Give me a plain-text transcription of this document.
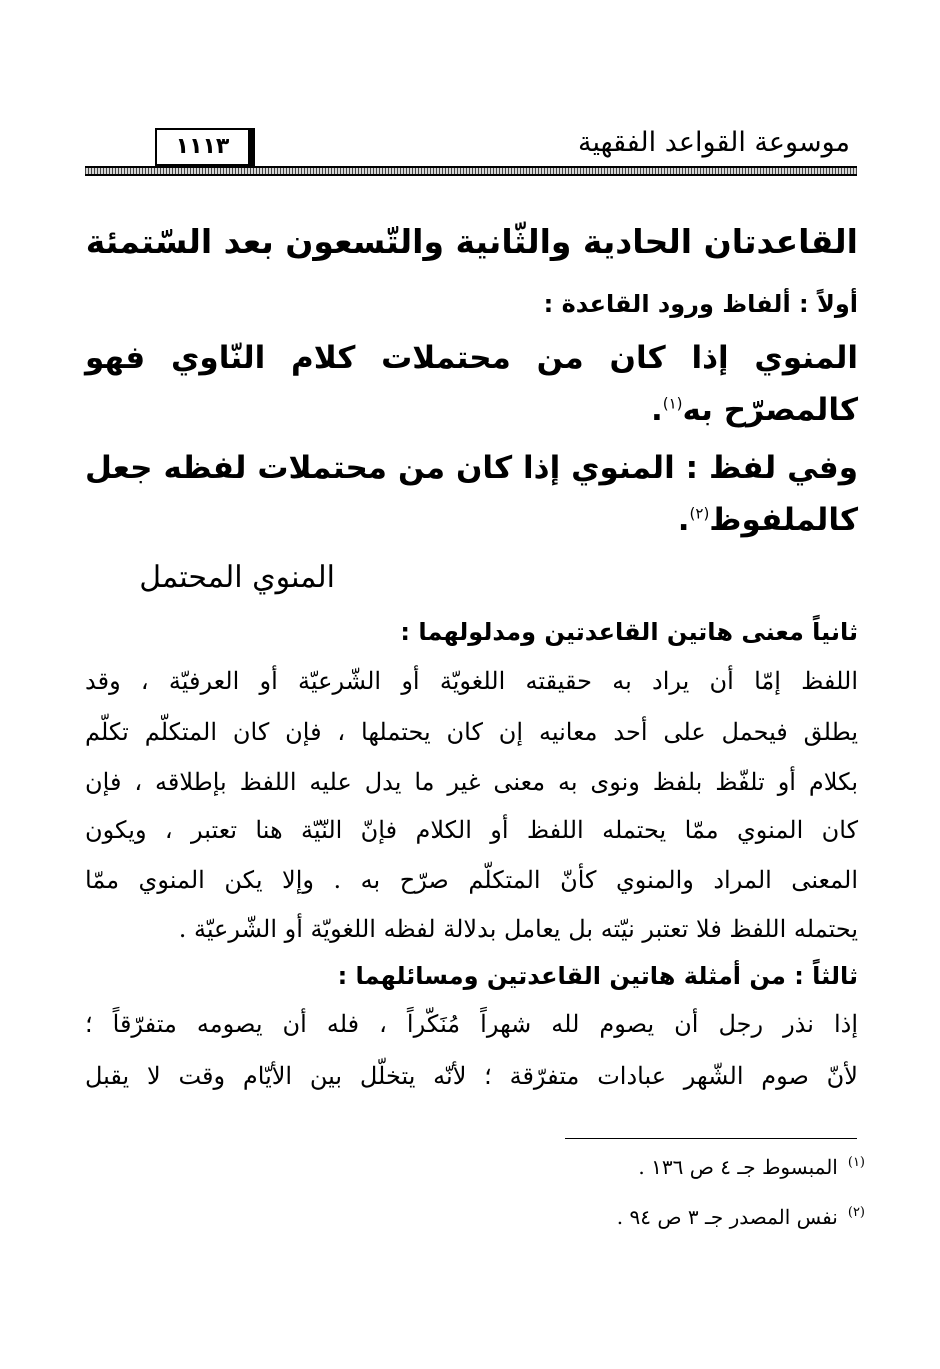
موسوعة القواعد الفقهية
١١١٣
القاعدتان الحادية والثّانية والتّسعون بعد السّتمئة
أولاً : ألفاظ ورود القاعدة :
المنوي إذا كان من محتملات كلام النّاوي فهو
كالمصرّح به$^{(١)}$.
وفي لفظ : المنوي إذا كان من محتملات لفظه جعل
كالملفوظ$^{(٢)}$.
المنوي المحتمل
ثانياً معنى هاتين القاعدتين ومدلولهما :
اللفظ إمّا أن يراد به حقيقته اللغويّة أو الشّرعيّة أو العرفيّة ، وقد
يطلق فيحمل على أحد معانيه إن كان يحتملها ، فإن كان المتكلّم تكلّم
بكلام أو تلفّظ بلفظ ونوى به معنى غير ما يدل عليه اللفظ بإطلاقه ، فإن
كان المنوي ممّا يحتمله اللفظ أو الكلام فإنّ النّيّة هنا تعتبر ، ويكون
المعنى المراد والمنوي كأنّ المتكلّم صرّح به . وإلا يكن المنوي ممّا
يحتمله اللفظ فلا تعتبر نيّته بل يعامل بدلالة لفظه اللغويّة أو الشّرعيّة .
ثالثاً : من أمثلة هاتين القاعدتين ومسائلهما :
إذا نذر رجل أن يصوم لله شهراً مُنَكّراً ، فله أن يصومه متفرّقاً ؛
لأنّ صوم الشّهر عبادات متفرّقة ؛ لأنّه يتخلّل بين الأيّام وقت لا يقبل
$^{(١)}$المبسوط جـ ٤ ص ١٣٦ .
$^{(٢)}$نفس المصدر جـ ٣ ص ٩٤ .
